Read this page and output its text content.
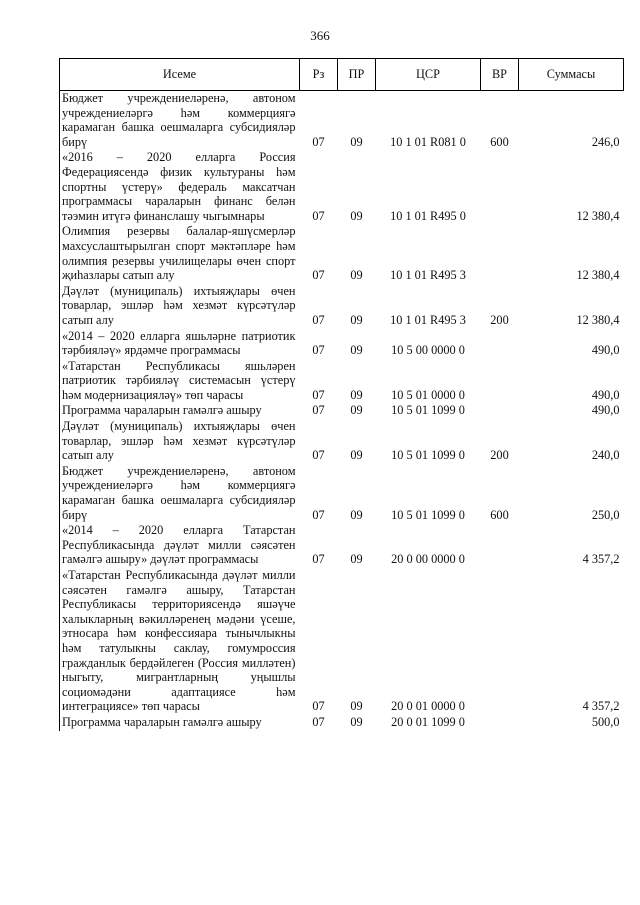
366
Исеме	Рз	ПР	ЦСР	ВР	Суммасы
Бюджет учреждениеләренә, автоном учреждениеләргә һәм коммерциягә карамаган башка оешмаларга субсидияләр бирү	07	09	10 1 01 R081 0	600	246,0
«2016 – 2020 елларга Россия Федерациясендә физик культураны һәм спортны үстерү» федераль максатчан программасы чараларын финанс белән тәэмин итүгә финанслашу чыгымнары	07	09	10 1 01 R495 0		12 380,4
Олимпия резервы балалар-яшүсмерләр махсуслаштырылган спорт мәктәпләре һәм олимпия резервы училищелары өчен спорт җиһазлары сатып алу	07	09	10 1 01 R495 3		12 380,4
Дәүләт (муниципаль) ихтыяҗлары өчен товарлар, эшләр һәм хезмәт күрсәтүләр сатып алу	07	09	10 1 01 R495 3	200	12 380,4
«2014 – 2020 елларга яшьләрне патриотик тәрбияләү» ярдәмче программасы	07	09	10 5 00 0000 0		490,0
«Татарстан Республикасы яшьләрен патриотик тәрбияләү системасын үстерү һәм модернизацияләү» төп чарасы	07	09	10 5 01 0000 0		490,0
Программа чараларын гамәлгә ашыру	07	09	10 5 01 1099 0		490,0
Дәүләт (муниципаль) ихтыяҗлары өчен товарлар, эшләр һәм хезмәт күрсәтүләр сатып алу	07	09	10 5 01 1099 0	200	240,0
Бюджет учреждениеләренә, автоном учреждениеләргә һәм коммерциягә карамаган башка оешмаларга субсидияләр бирү	07	09	10 5 01 1099 0	600	250,0
«2014 – 2020 елларга Татарстан Республикасында дәүләт милли сәясәтен гамәлгә ашыру» дәүләт программасы	07	09	20 0 00 0000 0		4 357,2
«Татарстан Республикасында дәүләт милли сәясәтен гамәлгә ашыру, Татарстан Республикасы территориясендә яшәүче халыкларның вәкилләренең мәдәни үсеше, этносара һәм конфессияара тынычлыкны һәм татулыкны саклау, гомумроссия гражданлык бердәйлеген (Россия милләтен) ныгыту, мигрантларның уңышлы социомәдәни адаптациясе һәм интеграциясе» төп чарасы	07	09	20 0 01 0000 0		4 357,2
Программа чараларын гамәлгә ашыру	07	09	20 0 01 1099 0		500,0
